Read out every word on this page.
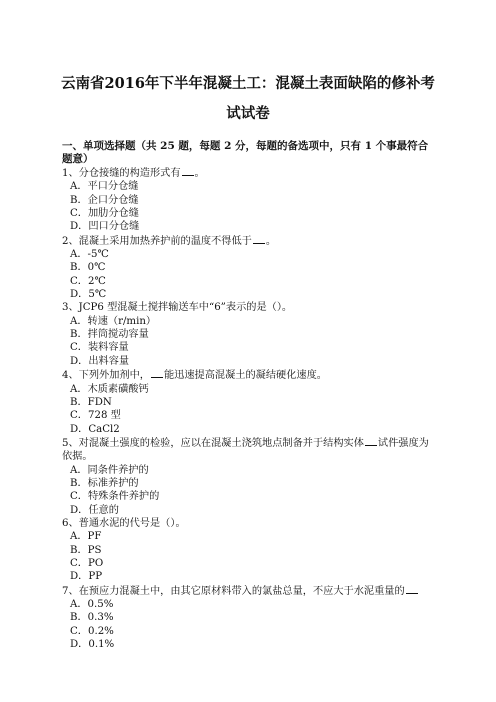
云南省2016年下半年混凝土工：混凝土表面缺陷的修补考
试试卷

一、单项选择题（共 25 题，每题 2 分，每题的备选项中，只有 1 个事最符合题意）

1、分仓接缝的构造形式有 。

A．平口分仓缝

B．企口分仓缝

C．加肋分仓缝

D．凹口分仓缝

2、混凝土采用加热养护前的温度不得低于 。

A．-5℃

B．0℃

C．2℃

D．5℃

3、JCP6 型混凝土搅拌输送车中“6”表示的是（）。

A．转速（r/min）

B．拌筒搅动容量

C．装料容量

D．出料容量

4、下列外加剂中， 能迅速提高混凝土的凝结硬化速度。

A．木质素磺酸钙

B．FDN

C．728 型

D．CaCl2

5、对混凝土强度的检验，应以在混凝土浇筑地点制备并于结构实体 试件强度为依据。

A．同条件养护的

B．标准养护的

C．特殊条件养护的

D．任意的

6、普通水泥的代号是（）。

A．PF

B．PS

C．PO

D．PP

7、在预应力混凝土中，由其它原材料带入的氯盐总量，不应大于水泥重量的

A．0.5%

B．0.3%

C．0.2%

D．0.1%
